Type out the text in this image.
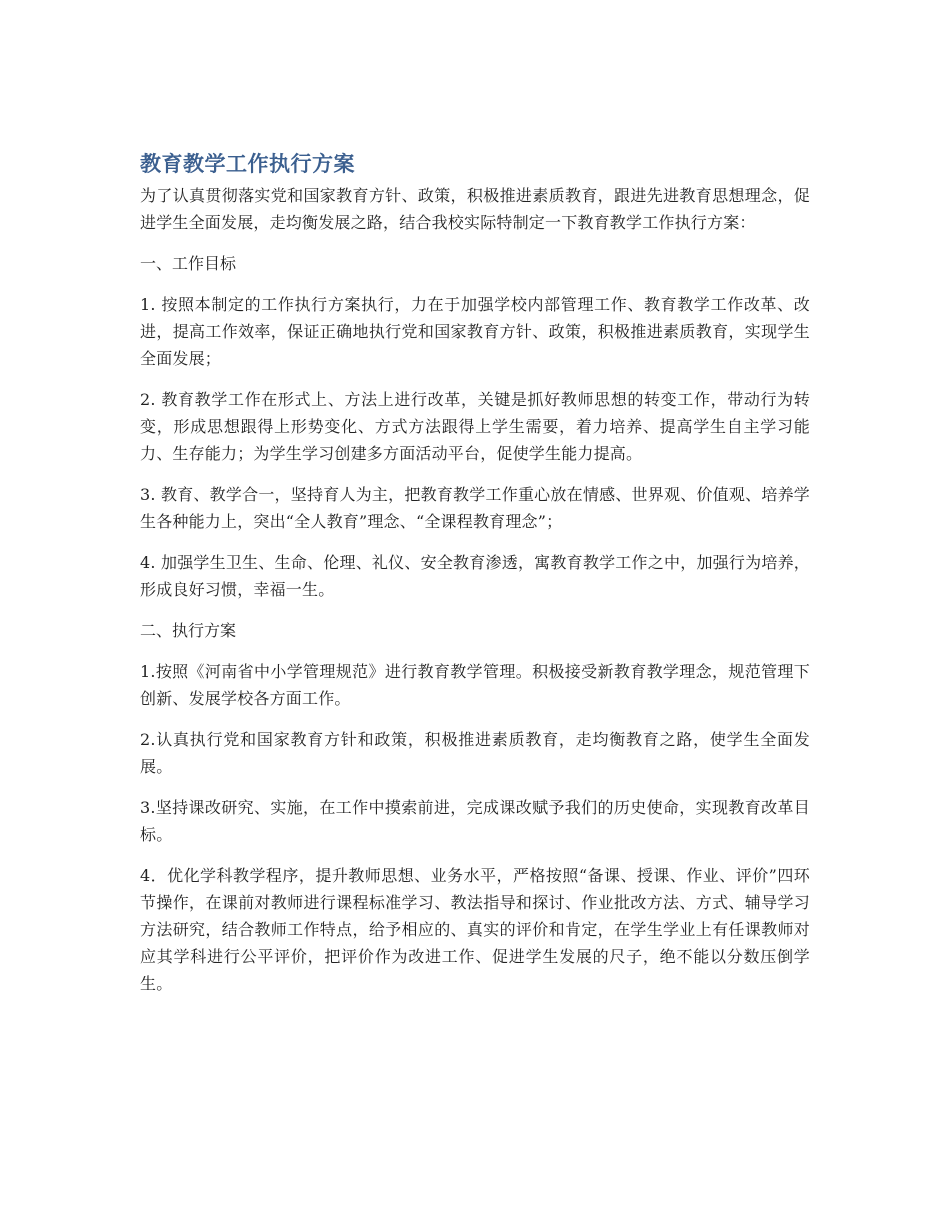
教育教学工作执行方案

为了认真贯彻落实党和国家教育方针、政策，积极推进素质教育，跟进先进教育思想理念，促进学生全面发展，走均衡发展之路，结合我校实际特制定一下教育教学工作执行方案：

一、工作目标

1. 按照本制定的工作执行方案执行，力在于加强学校内部管理工作、教育教学工作改革、改进，提高工作效率，保证正确地执行党和国家教育方针、政策，积极推进素质教育，实现学生全面发展；

2. 教育教学工作在形式上、方法上进行改革，关键是抓好教师思想的转变工作，带动行为转变，形成思想跟得上形势变化、方式方法跟得上学生需要，着力培养、提高学生自主学习能力、生存能力；为学生学习创建多方面活动平台，促使学生能力提高。

3. 教育、教学合一，坚持育人为主，把教育教学工作重心放在情感、世界观、价值观、培养学生各种能力上，突出“全人教育”理念、“全课程教育理念”；

4. 加强学生卫生、生命、伦理、礼仪、安全教育渗透，寓教育教学工作之中，加强行为培养，形成良好习惯，幸福一生。

二、执行方案

1.按照《河南省中小学管理规范》进行教育教学管理。积极接受新教育教学理念，规范管理下创新、发展学校各方面工作。

2.认真执行党和国家教育方针和政策，积极推进素质教育，走均衡教育之路，使学生全面发展。

3.坚持课改研究、实施，在工作中摸索前进，完成课改赋予我们的历史使命，实现教育改革目标。

4．优化学科教学程序，提升教师思想、业务水平，严格按照“备课、授课、作业、评价”四环节操作，在课前对教师进行课程标准学习、教法指导和探讨、作业批改方法、方式、辅导学习方法研究，结合教师工作特点，给予相应的、真实的评价和肯定，在学生学业上有任课教师对应其学科进行公平评价，把评价作为改进工作、促进学生发展的尺子，绝不能以分数压倒学生。
